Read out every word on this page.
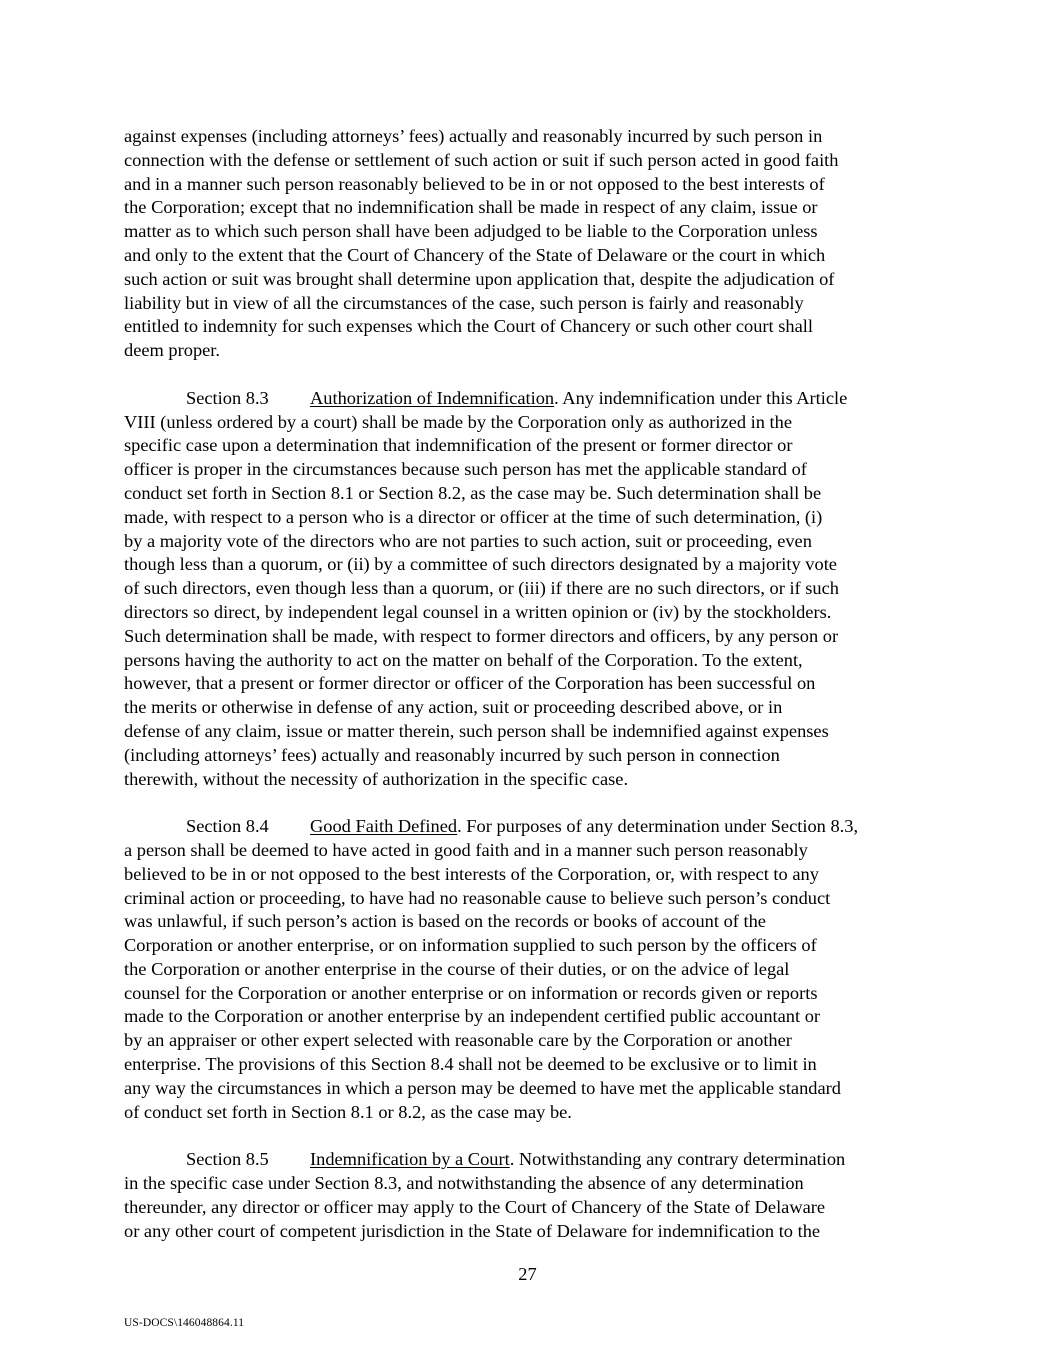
against expenses (including attorneys’ fees) actually and reasonably incurred by such person in
connection with the defense or settlement of such action or suit if such person acted in good faith
and in a manner such person reasonably believed to be in or not opposed to the best interests of
the Corporation; except that no indemnification shall be made in respect of any claim, issue or
matter as to which such person shall have been adjudged to be liable to the Corporation unless
and only to the extent that the Court of Chancery of the State of Delaware or the court in which
such action or suit was brought shall determine upon application that, despite the adjudication of
liability but in view of all the circumstances of the case, such person is fairly and reasonably
entitled to indemnity for such expenses which the Court of Chancery or such other court shall
deem proper.

Section 8.3 Authorization of Indemnification. Any indemnification under this Article
VIII (unless ordered by a court) shall be made by the Corporation only as authorized in the
specific case upon a determination that indemnification of the present or former director or
officer is proper in the circumstances because such person has met the applicable standard of
conduct set forth in Section 8.1 or Section 8.2, as the case may be. Such determination shall be
made, with respect to a person who is a director or officer at the time of such determination, (i)
by a majority vote of the directors who are not parties to such action, suit or proceeding, even
though less than a quorum, or (ii) by a committee of such directors designated by a majority vote
of such directors, even though less than a quorum, or (iii) if there are no such directors, or if such
directors so direct, by independent legal counsel in a written opinion or (iv) by the stockholders.
Such determination shall be made, with respect to former directors and officers, by any person or
persons having the authority to act on the matter on behalf of the Corporation. To the extent,
however, that a present or former director or officer of the Corporation has been successful on
the merits or otherwise in defense of any action, suit or proceeding described above, or in
defense of any claim, issue or matter therein, such person shall be indemnified against expenses
(including attorneys’ fees) actually and reasonably incurred by such person in connection
therewith, without the necessity of authorization in the specific case.

Section 8.4 Good Faith Defined. For purposes of any determination under Section 8.3,
a person shall be deemed to have acted in good faith and in a manner such person reasonably
believed to be in or not opposed to the best interests of the Corporation, or, with respect to any
criminal action or proceeding, to have had no reasonable cause to believe such person’s conduct
was unlawful, if such person’s action is based on the records or books of account of the
Corporation or another enterprise, or on information supplied to such person by the officers of
the Corporation or another enterprise in the course of their duties, or on the advice of legal
counsel for the Corporation or another enterprise or on information or records given or reports
made to the Corporation or another enterprise by an independent certified public accountant or
by an appraiser or other expert selected with reasonable care by the Corporation or another
enterprise. The provisions of this Section 8.4 shall not be deemed to be exclusive or to limit in
any way the circumstances in which a person may be deemed to have met the applicable standard
of conduct set forth in Section 8.1 or 8.2, as the case may be.

Section 8.5 Indemnification by a Court. Notwithstanding any contrary determination
in the specific case under Section 8.3, and notwithstanding the absence of any determination
thereunder, any director or officer may apply to the Court of Chancery of the State of Delaware
or any other court of competent jurisdiction in the State of Delaware for indemnification to the

27
US-DOCS\146048864.11
